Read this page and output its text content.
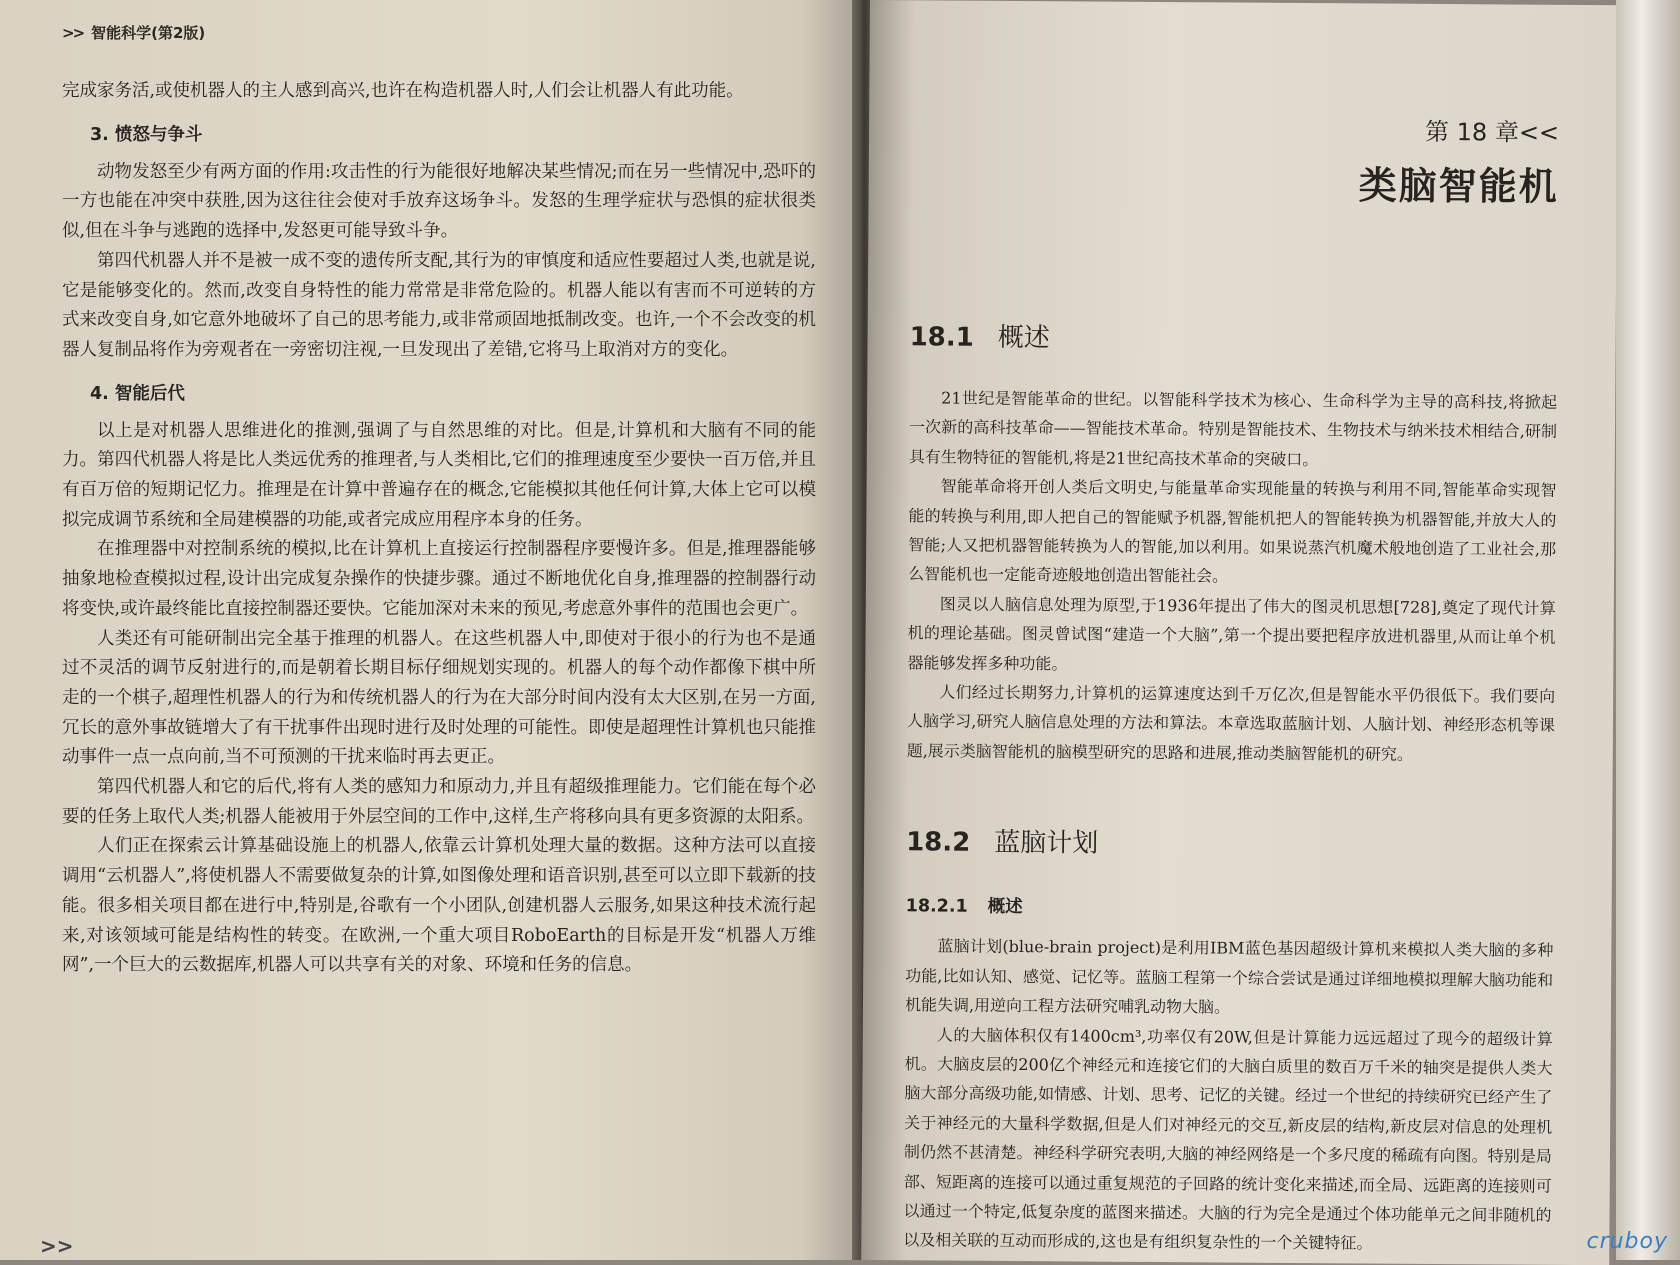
>> 智能科学(第2版)

完成家务活,或使机器人的主人感到高兴,也许在构造机器人时,人们会让机器人有此功能。

3. 愤怒与争斗

动物发怒至少有两方面的作用:攻击性的行为能很好地解决某些情况;而在另一些情况中,恐吓的一方也能在冲突中获胜,因为这往往会使对手放弃这场争斗。发怒的生理学症状与恐惧的症状很类似,但在斗争与逃跑的选择中,发怒更可能导致斗争。

第四代机器人并不是被一成不变的遗传所支配,其行为的审慎度和适应性要超过人类,也就是说,它是能够变化的。然而,改变自身特性的能力常常是非常危险的。机器人能以有害而不可逆转的方式来改变自身,如它意外地破坏了自己的思考能力,或非常顽固地抵制改变。也许,一个不会改变的机器人复制品将作为旁观者在一旁密切注视,一旦发现出了差错,它将马上取消对方的变化。

4. 智能后代

以上是对机器人思维进化的推测,强调了与自然思维的对比。但是,计算机和大脑有不同的能力。第四代机器人将是比人类远优秀的推理者,与人类相比,它们的推理速度至少要快一百万倍,并且有百万倍的短期记忆力。推理是在计算中普遍存在的概念,它能模拟其他任何计算,大体上它可以模拟完成调节系统和全局建模器的功能,或者完成应用程序本身的任务。

在推理器中对控制系统的模拟,比在计算机上直接运行控制器程序要慢许多。但是,推理器能够抽象地检查模拟过程,设计出完成复杂操作的快捷步骤。通过不断地优化自身,推理器的控制器行动将变快,或许最终能比直接控制器还要快。它能加深对未来的预见,考虑意外事件的范围也会更广。

人类还有可能研制出完全基于推理的机器人。在这些机器人中,即使对于很小的行为也不是通过不灵活的调节反射进行的,而是朝着长期目标仔细规划实现的。机器人的每个动作都像下棋中所走的一个棋子,超理性机器人的行为和传统机器人的行为在大部分时间内没有太大区别,在另一方面,冗长的意外事故链增大了有干扰事件出现时进行及时处理的可能性。即使是超理性计算机也只能推动事件一点一点向前,当不可预测的干扰来临时再去更正。

第四代机器人和它的后代,将有人类的感知力和原动力,并且有超级推理能力。它们能在每个必要的任务上取代人类;机器人能被用于外层空间的工作中,这样,生产将移向具有更多资源的太阳系。

人们正在探索云计算基础设施上的机器人,依靠云计算机处理大量的数据。这种方法可以直接调用“云机器人”,将使机器人不需要做复杂的计算,如图像处理和语音识别,甚至可以立即下载新的技能。很多相关项目都在进行中,特别是,谷歌有一个小团队,创建机器人云服务,如果这种技术流行起来,对该领域可能是结构性的转变。在欧洲,一个重大项目RoboEarth的目标是开发“机器人万维网”,一个巨大的云数据库,机器人可以共享有关的对象、环境和任务的信息。

>>
第 18 章<<
类脑智能机
18.1 概述

21世纪是智能革命的世纪。以智能科学技术为核心、生命科学为主导的高科技,将掀起一次新的高科技革命——智能技术革命。特别是智能技术、生物技术与纳米技术相结合,研制具有生物特征的智能机,将是21世纪高技术革命的突破口。

智能革命将开创人类后文明史,与能量革命实现能量的转换与利用不同,智能革命实现智能的转换与利用,即人把自己的智能赋予机器,智能机把人的智能转换为机器智能,并放大人的智能;人又把机器智能转换为人的智能,加以利用。如果说蒸汽机魔术般地创造了工业社会,那么智能机也一定能奇迹般地创造出智能社会。

图灵以人脑信息处理为原型,于1936年提出了伟大的图灵机思想[728],奠定了现代计算机的理论基础。图灵曾试图“建造一个大脑”,第一个提出要把程序放进机器里,从而让单个机器能够发挥多种功能。

人们经过长期努力,计算机的运算速度达到千万亿次,但是智能水平仍很低下。我们要向人脑学习,研究人脑信息处理的方法和算法。本章选取蓝脑计划、人脑计划、神经形态机等课题,展示类脑智能机的脑模型研究的思路和进展,推动类脑智能机的研究。

18.2 蓝脑计划
18.2.1 概述

蓝脑计划(blue-brain project)是利用IBM蓝色基因超级计算机来模拟人类大脑的多种功能,比如认知、感觉、记忆等。蓝脑工程第一个综合尝试是通过详细地模拟理解大脑功能和机能失调,用逆向工程方法研究哺乳动物大脑。

人的大脑体积仅有1400cm³,功率仅有20W,但是计算能力远远超过了现今的超级计算机。大脑皮层的200亿个神经元和连接它们的大脑白质里的数百万千米的轴突是提供人类大脑大部分高级功能,如情感、计划、思考、记忆的关键。经过一个世纪的持续研究已经产生了关于神经元的大量科学数据,但是人们对神经元的交互,新皮层的结构,新皮层对信息的处理机制仍然不甚清楚。神经科学研究表明,大脑的神经网络是一个多尺度的稀疏有向图。特别是局部、短距离的连接可以通过重复规范的子回路的统计变化来描述,而全局、远距离的连接则可以通过一个特定,低复杂度的蓝图来描述。大脑的行为完全是通过个体功能单元之间非随机的以及相关联的互动而形成的,这也是有组织复杂性的一个关键特征。	cruboy
